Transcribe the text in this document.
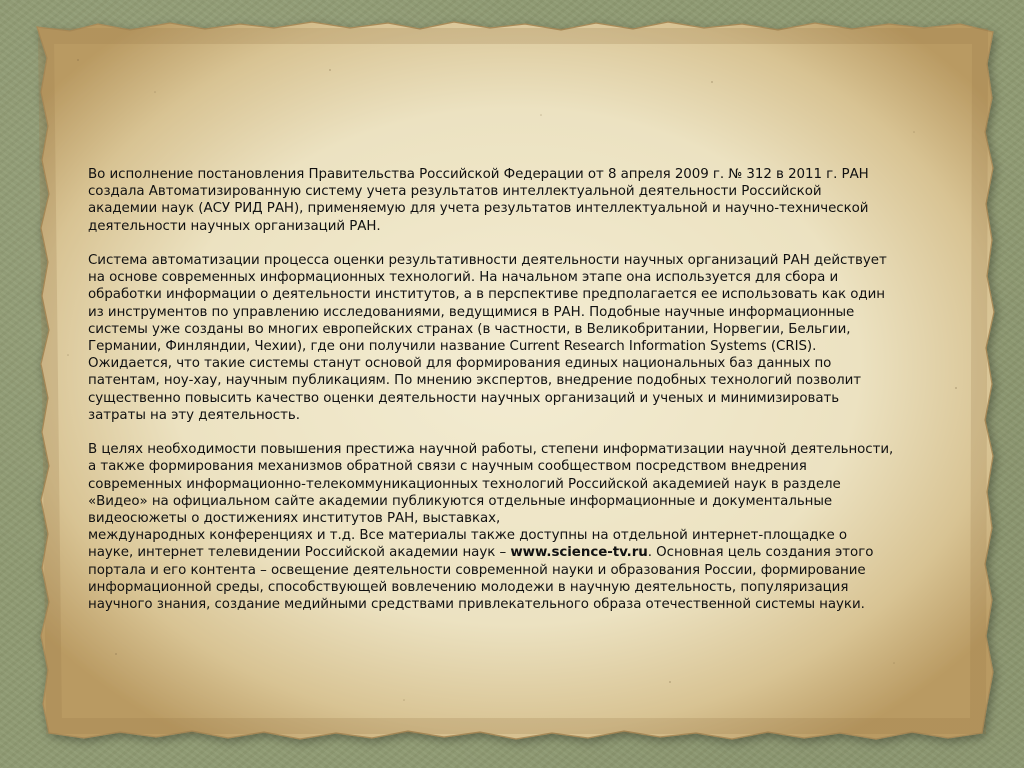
Во исполнение постановления Правительства Российской Федерации от 8 апреля 2009 г. № 312 в 2011 г. РАН
создала Автоматизированную систему учета результатов интеллектуальной деятельности Российской
академии наук (АСУ РИД РАН), применяемую для учета результатов интеллектуальной и научно-технической
деятельности научных организаций РАН.

Система автоматизации процесса оценки результативности деятельности научных организаций РАН действует
на основе современных информационных технологий. На начальном этапе она используется для сбора и
обработки информации о деятельности институтов, а в перспективе предполагается ее использовать как один
из инструментов по управлению исследованиями, ведущимися в РАН. Подобные научные информационные
системы уже созданы во многих европейских странах (в частности, в Великобритании, Норвегии, Бельгии,
Германии, Финляндии, Чехии), где они получили название Current Research Information Systems (CRIS).
Ожидается, что такие системы станут основой для формирования единых национальных баз данных по
патентам, ноу-хау, научным публикациям. По мнению экспертов, внедрение подобных технологий позволит
существенно повысить качество оценки деятельности научных организаций и ученых и минимизировать
затраты на эту деятельность.

В целях необходимости повышения престижа научной работы, степени информатизации научной деятельности,
а также формирования механизмов обратной связи с научным сообществом посредством внедрения
современных информационно-телекоммуникационных технологий Российской академией наук в разделе
«Видео» на официальном сайте академии публикуются отдельные информационные и документальные
видеосюжеты о достижениях институтов РАН, выставках,
международных конференциях и т.д. Все материалы также доступны на отдельной интернет-площадке о
науке, интернет телевидении Российской академии наук – www.science-tv.ru. Основная цель создания этого
портала и его контента – освещение деятельности современной науки и образования России, формирование
информационной среды, способствующей вовлечению молодежи в научную деятельность, популяризация
научного знания, создание медийными средствами привлекательного образа отечественной системы науки.
